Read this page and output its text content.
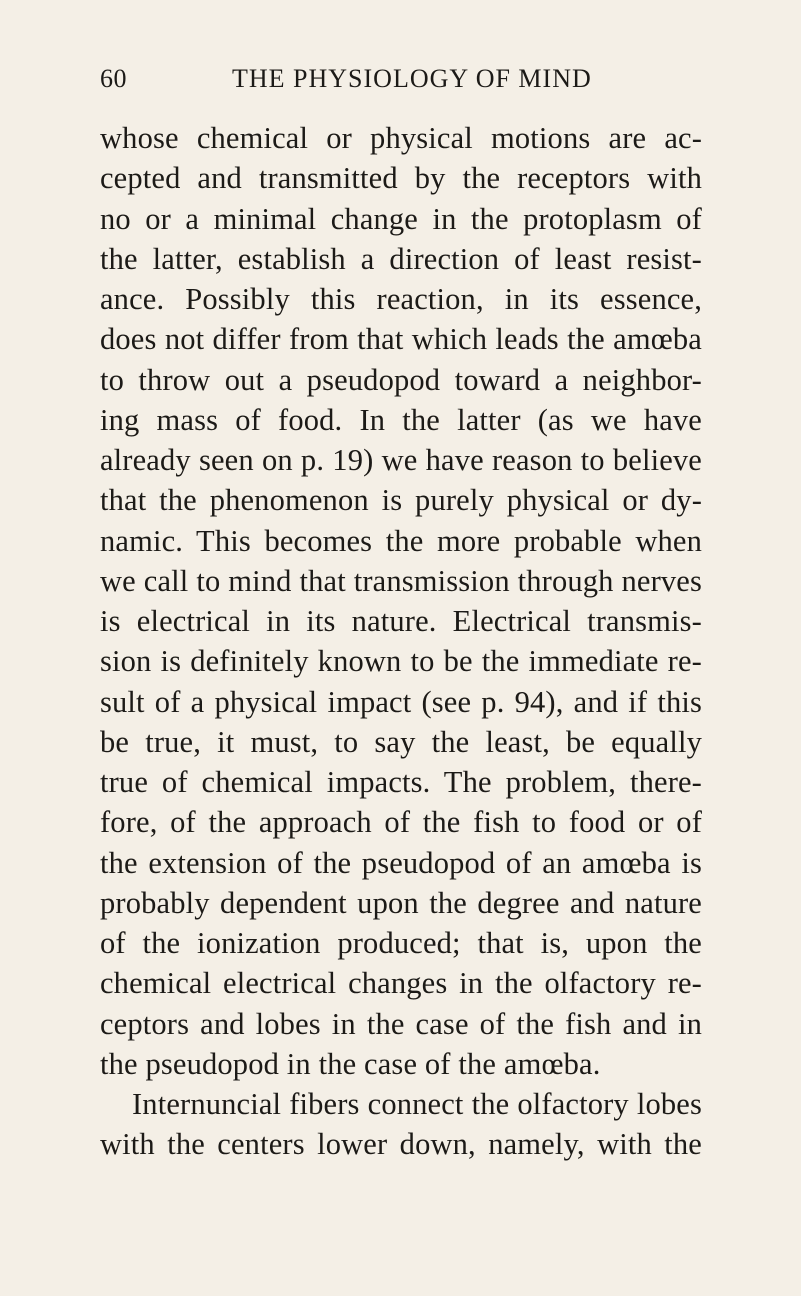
60	THE PHYSIOLOGY OF MIND
whose chemical or physical motions are ac-
cepted and transmitted by the receptors with
no or a minimal change in the protoplasm of
the latter, establish a direction of least resist-
ance. Possibly this reaction, in its essence,
does not differ from that which leads the amœba
to throw out a pseudopod toward a neighbor-
ing mass of food. In the latter (as we have
already seen on p. 19) we have reason to believe
that the phenomenon is purely physical or dy-
namic. This becomes the more probable when
we call to mind that transmission through nerves
is electrical in its nature. Electrical transmis-
sion is definitely known to be the immediate re-
sult of a physical impact (see p. 94), and if this
be true, it must, to say the least, be equally
true of chemical impacts. The problem, there-
fore, of the approach of the fish to food or of
the extension of the pseudopod of an amœba is
probably dependent upon the degree and nature
of the ionization produced; that is, upon the
chemical electrical changes in the olfactory re-
ceptors and lobes in the case of the fish and in
the pseudopod in the case of the amœba.
Internuncial fibers connect the olfactory lobes
with the centers lower down, namely, with the
